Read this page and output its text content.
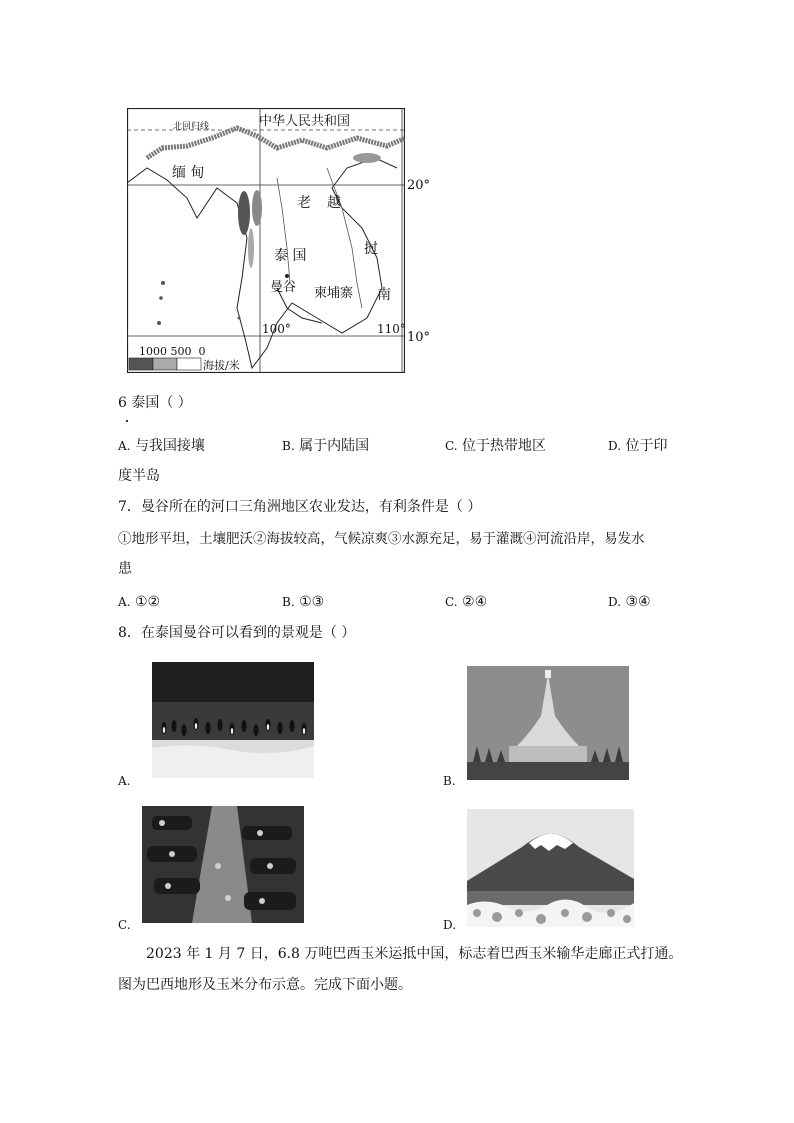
中华人民共和国
北回归线
缅 甸
老 越
泰 国	挝
曼谷 柬埔寨 南
100°	110°
1000 500  0
海拔/米
20°
10°
6 泰国（ ）
A. 与我国接壤	B. 属于内陆国	C. 位于热带地区	D. 位于印
度半岛
7．曼谷所在的河口三角洲地区农业发达，有利条件是（ ）
①地形平坦，土壤肥沃②海拔较高，气候凉爽③水源充足，易于灌溉④河流沿岸，易发水
患
A. ①②	B. ①③	C. ②④	D. ③④
8．在泰国曼谷可以看到的景观是（ ）
A.	B.
C.	D.
2023 年 1 月 7 日，6.8 万吨巴西玉米运抵中国，标志着巴西玉米输华走廊正式打通。
图为巴西地形及玉米分布示意。完成下面小题。
